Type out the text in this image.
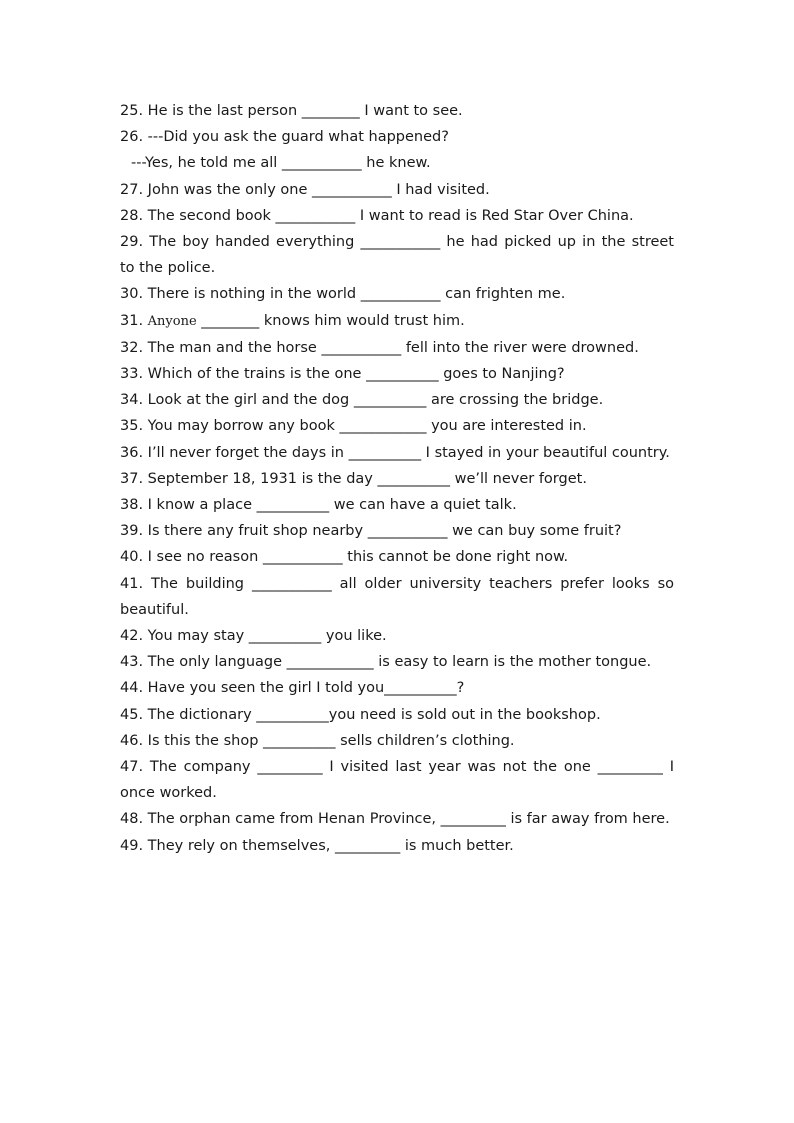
25. He is the last person ________ I want to see.

26. ---Did you ask the guard what happened?

---Yes, he told me all ___________ he knew.

27. John was the only one ___________ I had visited.

28. The second book ___________ I want to read is Red Star Over China.

29. The boy handed everything ___________ he had picked up in the street to the police.

30. There is nothing in the world ___________ can frighten me.

31. Anyone ________ knows him would trust him.

32. The man and the horse ___________ fell into the river were drowned.

33. Which of the trains is the one __________ goes to Nanjing?

34. Look at the girl and the dog __________ are crossing the bridge.

35. You may borrow any book ____________ you are interested in.

36. I’ll never forget the days in __________ I stayed in your beautiful country.

37. September 18, 1931 is the day __________ we’ll never forget.

38. I know a place __________ we can have a quiet talk.

39. Is there any fruit shop nearby ___________ we can buy some fruit?

40. I see no reason ___________ this cannot be done right now.

41. The building ___________ all older university teachers prefer looks so beautiful.

42. You may stay __________ you like.

43. The only language ____________ is easy to learn is the mother tongue.

44. Have you seen the girl I told you__________?

45. The dictionary __________you need is sold out in the bookshop.

46. Is this the shop __________ sells children’s clothing.

47. The company _________ I visited last year was not the one _________ I once worked.

48. The orphan came from Henan Province, _________ is far away from here.

49. They rely on themselves, _________ is much better.
